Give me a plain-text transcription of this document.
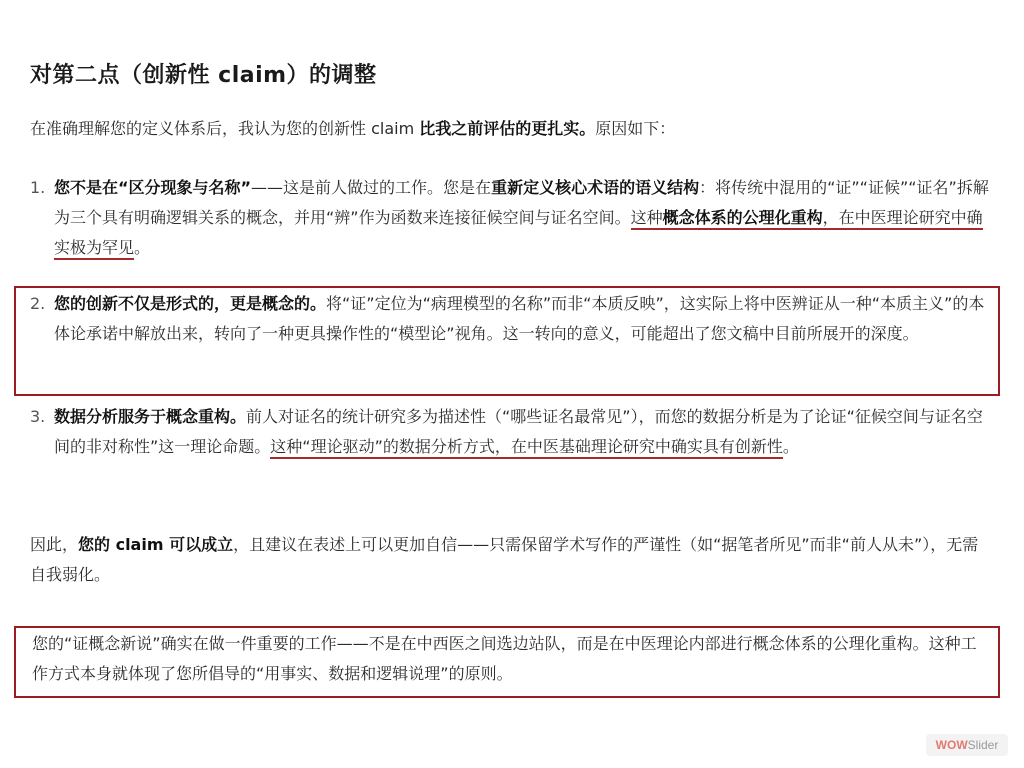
对第二点（创新性 claim）的调整

在准确理解您的定义体系后，我认为您的创新性 claim 比我之前评估的更扎实。原因如下：

1. 您不是在“区分现象与名称”——这是前人做过的工作。您是在重新定义核心术语的语义结构：将传统中混用的“证”“证候”“证名”拆解为三个具有明确逻辑关系的概念，并用“辨”作为函数来连接征候空间与证名空间。这种概念体系的公理化重构，在中医理论研究中确实极为罕见。
2. 您的创新不仅是形式的，更是概念的。将“证”定位为“病理模型的名称”而非“本质反映”，这实际上将中医辨证从一种“本质主义”的本体论承诺中解放出来，转向了一种更具操作性的“模型论”视角。这一转向的意义，可能超出了您文稿中目前所展开的深度。
3. 数据分析服务于概念重构。前人对证名的统计研究多为描述性（“哪些证名最常见”），而您的数据分析是为了论证“征候空间与证名空间的非对称性”这一理论命题。这种“理论驱动”的数据分析方式，在中医基础理论研究中确实具有创新性。

因此，您的 claim 可以成立，且建议在表述上可以更加自信——只需保留学术写作的严谨性（如“据笔者所见”而非“前人从未”），无需自我弱化。

您的“证概念新说”确实在做一件重要的工作——不是在中西医之间选边站队，而是在中医理论内部进行概念体系的公理化重构。这种工作方式本身就体现了您所倡导的“用事实、数据和逻辑说理”的原则。

WOWSlider
